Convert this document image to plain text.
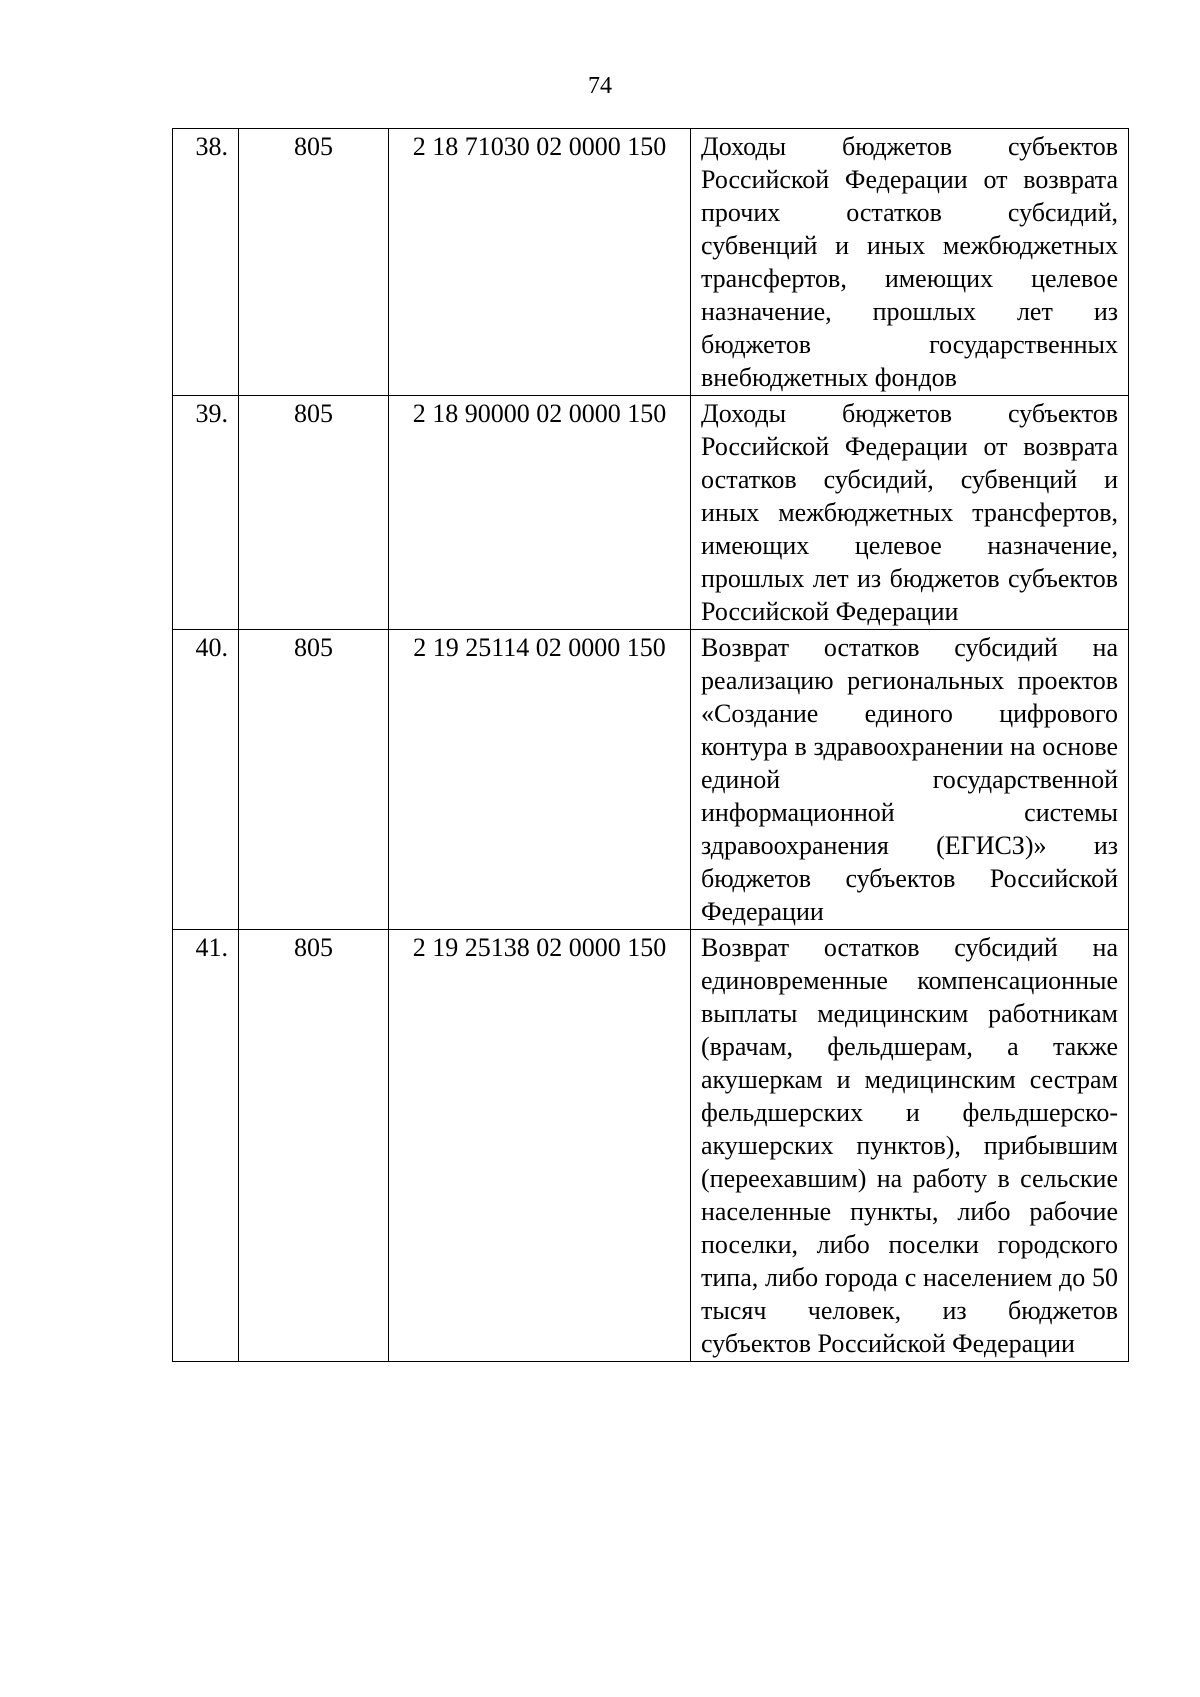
74
38.	805	2 18 71030 02 0000 150	Доходы бюджетов субъектов Российской Федерации от возврата прочих остатков субсидий, субвенций и иных межбюджетных трансфертов, имеющих целевое назначение, прошлых лет из бюджетов государственных внебюджетных фондов
39.	805	2 18 90000 02 0000 150	Доходы бюджетов субъектов Российской Федерации от возврата остатков субсидий, субвенций и иных межбюджетных трансфертов, имеющих целевое назначение, прошлых лет из бюджетов субъектов Российской Федерации
40.	805	2 19 25114 02 0000 150	Возврат остатков субсидий на реализацию региональных проектов «Создание единого цифрового контура в здравоохранении на основе единой государственной информационной системы здравоохранения (ЕГИСЗ)» из бюджетов субъектов Российской Федерации
41.	805	2 19 25138 02 0000 150	Возврат остатков субсидий на единовременные компенсационные выплаты медицинским работникам (врачам, фельдшерам, а также акушеркам и медицинским сестрам фельдшерских и фельдшерско-акушерских пунктов), прибывшим (переехавшим) на работу в сельские населенные пункты, либо рабочие поселки, либо поселки городского типа, либо города с населением до 50 тысяч человек, из бюджетов субъектов Российской Федерации
